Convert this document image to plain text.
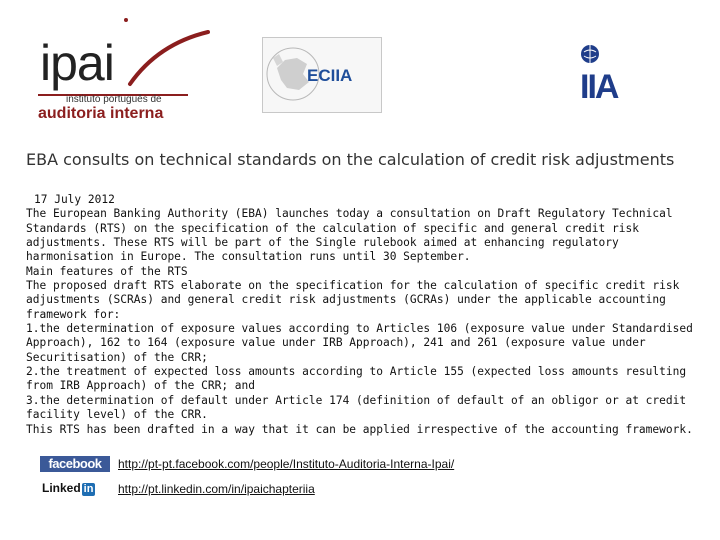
ipai
instituto português de
auditoria interna
ECIIA	IIA
EBA consults on technical standards on the calculation of credit risk adjustments

17 July 2012

The European Banking Authority (EBA) launches today a consultation on Draft Regulatory Technical Standards (RTS) on the specification of the calculation of specific and general credit risk adjustments. These RTS will be part of the Single rulebook aimed at enhancing regulatory harmonisation in Europe. The consultation runs until 30 September.

Main features of the RTS

The proposed draft RTS elaborate on the specification for the calculation of specific credit risk adjustments (SCRAs) and general credit risk adjustments (GCRAs) under the applicable accounting framework for:

1.the determination of exposure values according to Articles 106 (exposure value under Standardised Approach), 162 to 164 (exposure value under IRB Approach), 241 and 261 (exposure value under Securitisation) of the CRR;

2.the treatment of expected loss amounts according to Article 155 (expected loss amounts resulting from IRB Approach) of the CRR; and

3.the determination of default under Article 174 (definition of default of an obligor or at credit facility level) of the CRR.

This RTS has been drafted in a way that it can be applied irrespective of the accounting framework.

facebook	http://pt-pt.facebook.com/people/Instituto-Auditoria-Interna-Ipai/
Linked in	http://pt.linkedin.com/in/ipaichapteriia
